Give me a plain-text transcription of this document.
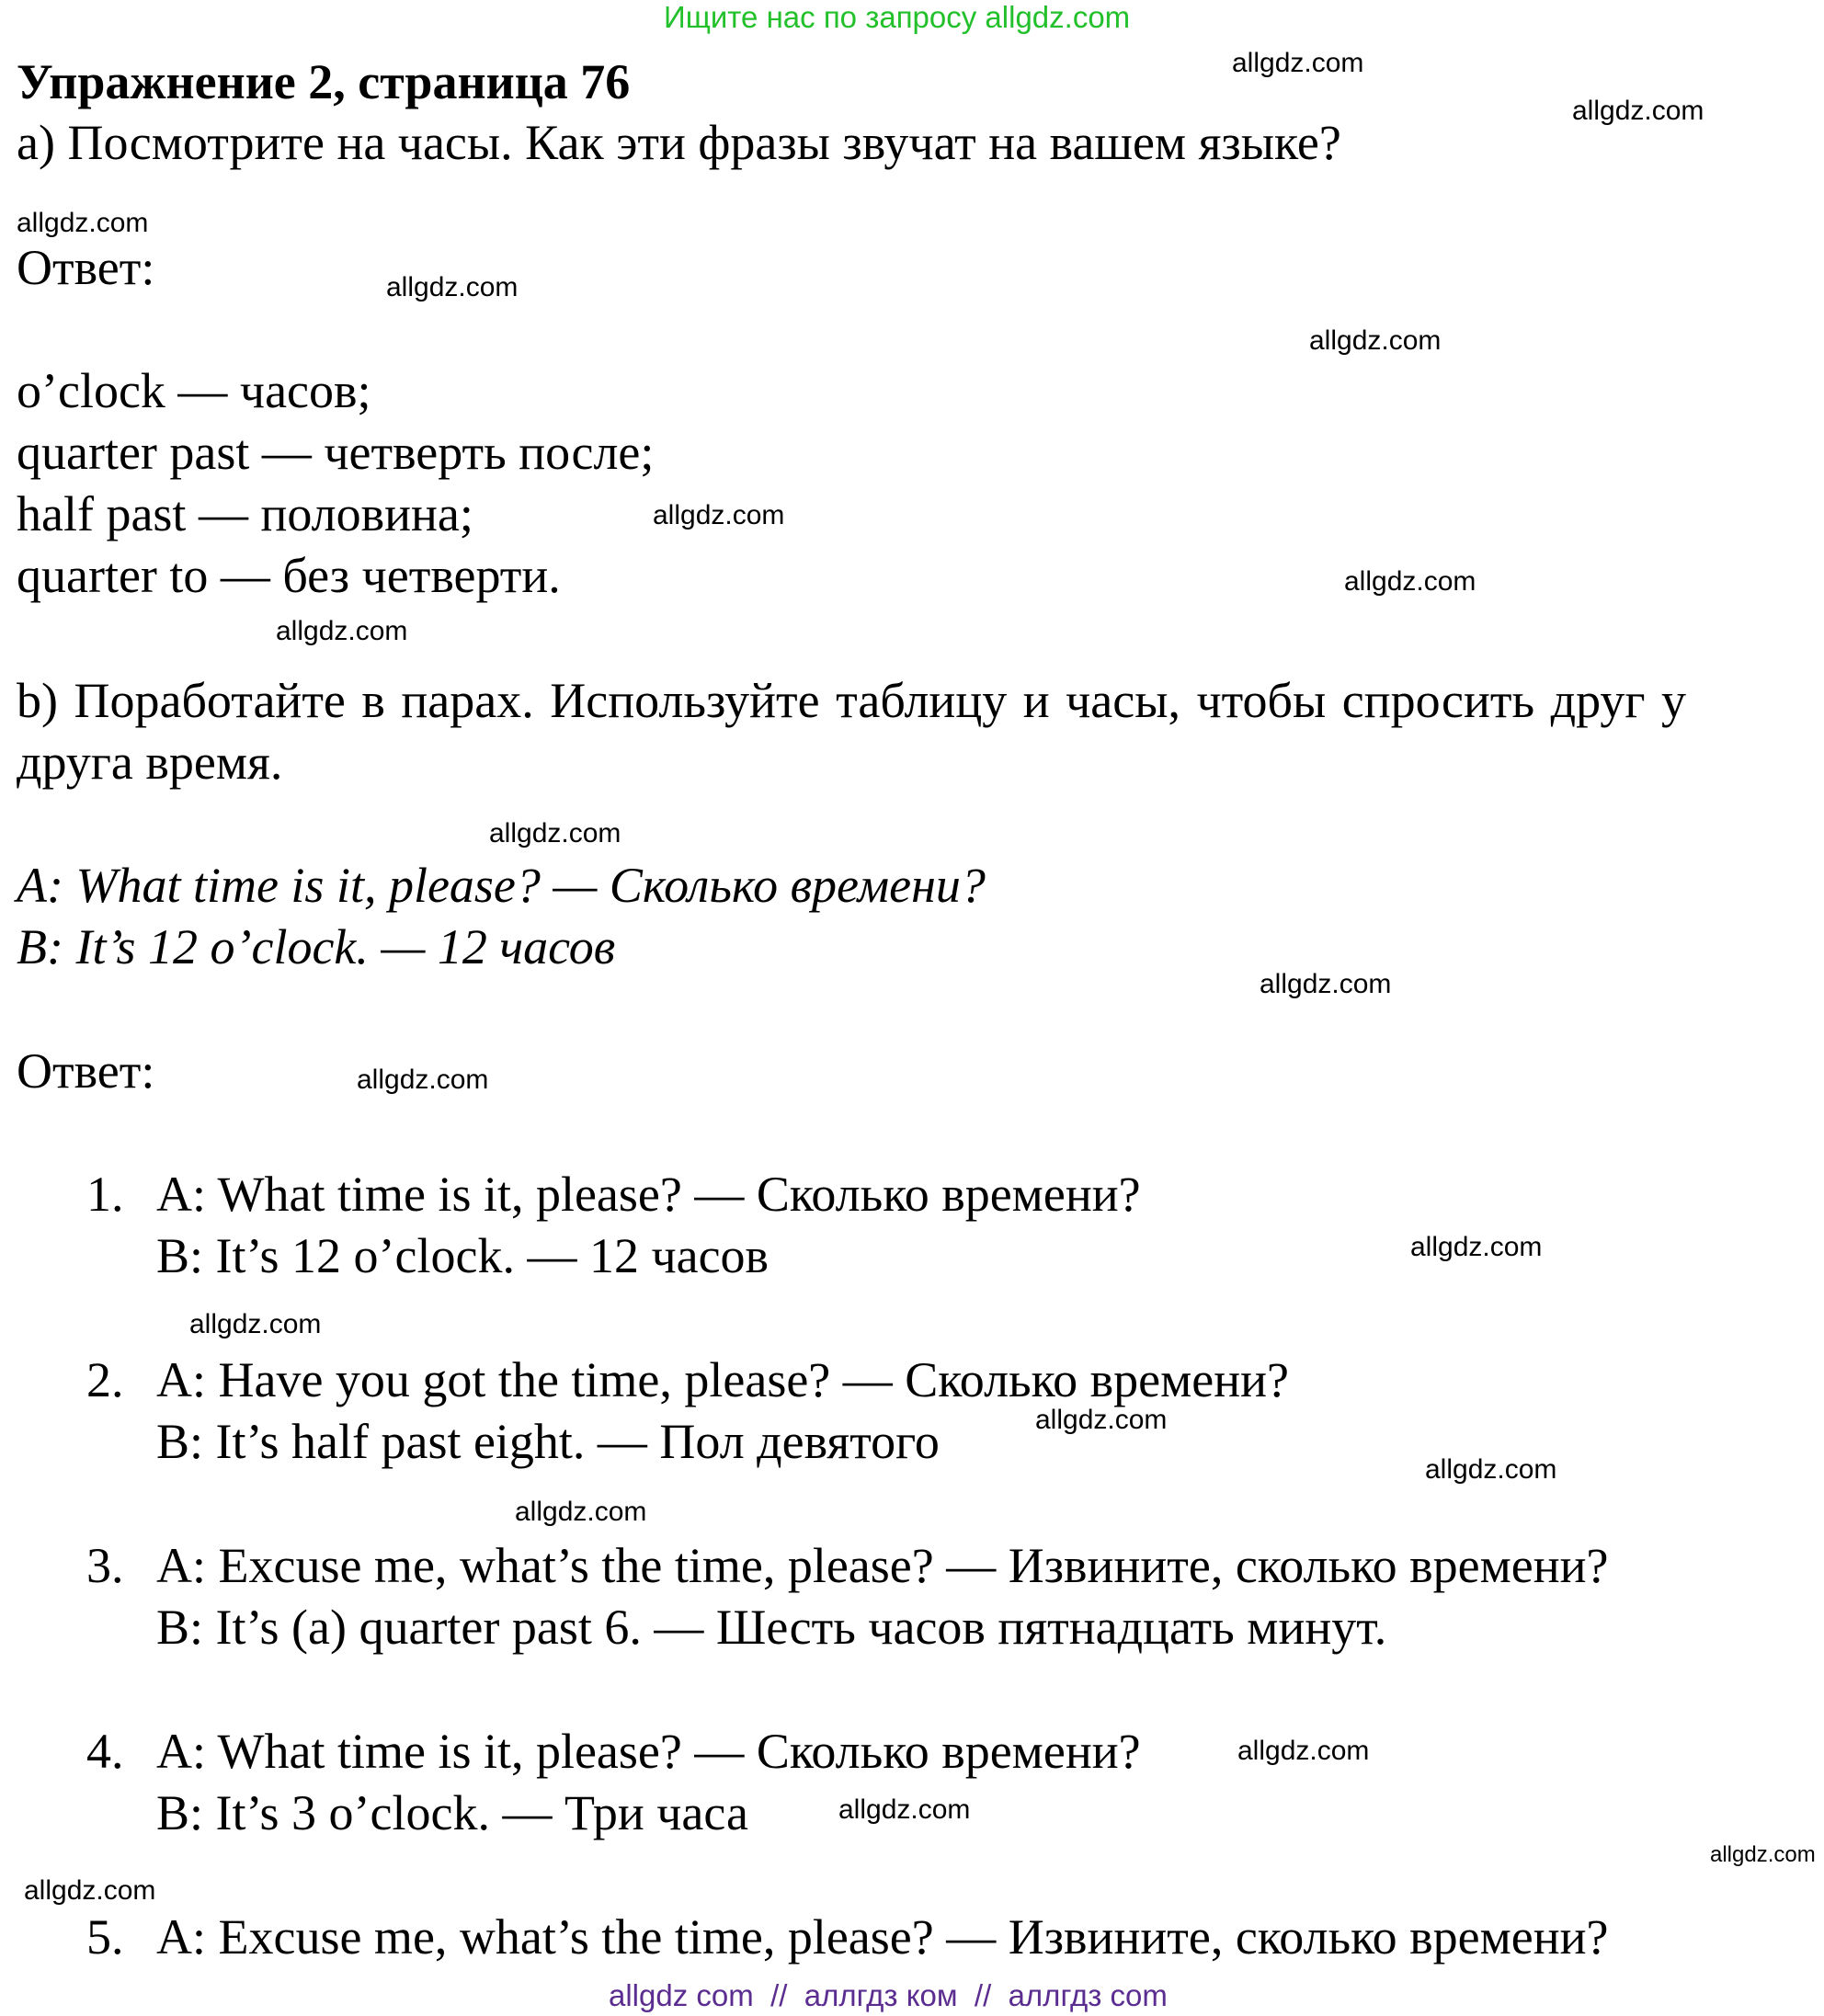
Ищите нас по запросу allgdz.com
Упражнение 2, страница 76
а) Посмотрите на часы. Как эти фразы звучат на вашем языке?
Ответ:
o’clock — часов;
quarter past — четверть после;
half past — половина;
quarter to — без четверти.
b) Поработайте в парах. Используйте таблицу и часы, чтобы спросить друг у
друга время.
A: What time is it, please? — Сколько времени?
B: It’s 12 o’clock. — 12 часов
Ответ:
1. A: What time is it, please? — Сколько времени?
B: It’s 12 o’clock. — 12 часов
2. A: Have you got the time, please? — Сколько времени?
B: It’s half past eight. — Пол девятого
3. A: Excuse me, what’s the time, please? — Извините, сколько времени?
B: It’s (a) quarter past 6. — Шесть часов пятнадцать минут.
4. A: What time is it, please? — Сколько времени?
B: It’s 3 o’clock. — Три часа
5. A: Excuse me, what’s the time, please? — Извините, сколько времени?
allgdz.com
allgdz.com
allgdz.com
allgdz.com
allgdz.com
allgdz.com
allgdz.com
allgdz.com
allgdz.com
allgdz.com
allgdz.com
allgdz.com
allgdz.com
allgdz.com
allgdz.com
allgdz.com
allgdz.com
allgdz.com
allgdz.com
allgdz.com
allgdz com  //  аллгдз ком  //  аллгдз com
